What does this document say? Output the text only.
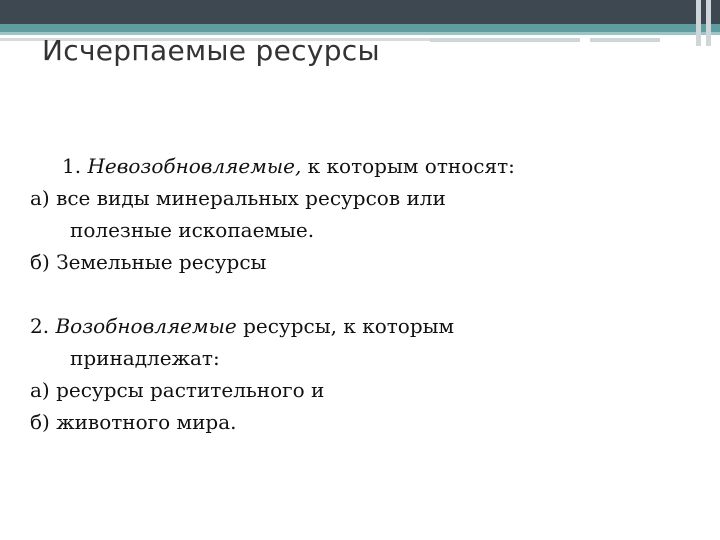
Исчерпаемые ресурсы

1. Невозобновляемые, к которым относят:

а) все виды минеральных ресурсов или

полезные ископаемые.

б) Земельные ресурсы

2. Возобновляемые ресурсы, к которым

принадлежат:

а) ресурсы растительного и

б) животного мира.
